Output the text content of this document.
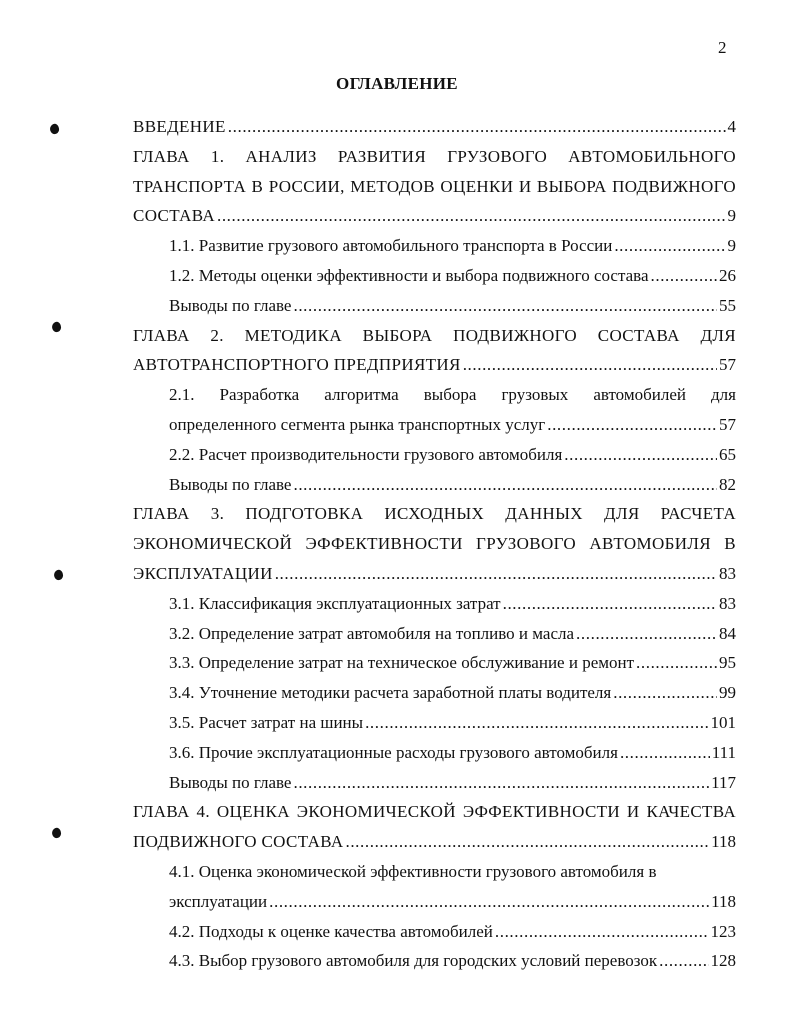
2
ОГЛАВЛЕНИЕ
ВВЕДЕНИЕ .....	4
ГЛАВА 1. АНАЛИЗ РАЗВИТИЯ ГРУЗОВОГО АВТОМОБИЛЬНОГО
ТРАНСПОРТА В РОССИИ, МЕТОДОВ ОЦЕНКИ И ВЫБОРА ПОДВИЖНОГО
СОСТАВА .....	9
1.1. Развитие грузового автомобильного транспорта в России .....	9
1.2. Методы оценки эффективности и выбора подвижного состава .....	26
Выводы по главе .....	55
ГЛАВА 2. МЕТОДИКА ВЫБОРА ПОДВИЖНОГО СОСТАВА ДЛЯ
АВТОТРАНСПОРТНОГО ПРЕДПРИЯТИЯ .....	57
2.1. Разработка алгоритма выбора грузовых автомобилей для
определенного сегмента рынка транспортных услуг .....	57
2.2. Расчет производительности грузового автомобиля .....	65
Выводы по главе .....	82
ГЛАВА 3. ПОДГОТОВКА ИСХОДНЫХ ДАННЫХ ДЛЯ РАСЧЕТА
ЭКОНОМИЧЕСКОЙ ЭФФЕКТИВНОСТИ ГРУЗОВОГО АВТОМОБИЛЯ В
ЭКСПЛУАТАЦИИ .....	83
3.1. Классификация эксплуатационных затрат .....	83
3.2. Определение затрат автомобиля на топливо и масла .....	84
3.3. Определение затрат на техническое обслуживание и ремонт .....	95
3.4. Уточнение методики расчета заработной платы водителя .....	99
3.5. Расчет затрат на шины .....	101
3.6. Прочие эксплуатационные расходы грузового автомобиля .....	111
Выводы по главе .....	117
ГЛАВА 4. ОЦЕНКА ЭКОНОМИЧЕСКОЙ ЭФФЕКТИВНОСТИ И КАЧЕСТВА
ПОДВИЖНОГО СОСТАВА .....	118
4.1. Оценка экономической эффективности грузового автомобиля в
эксплуатации .....	118
4.2. Подходы к оценке качества автомобилей .....	123
4.3. Выбор грузового автомобиля для городских условий перевозок .....	128
